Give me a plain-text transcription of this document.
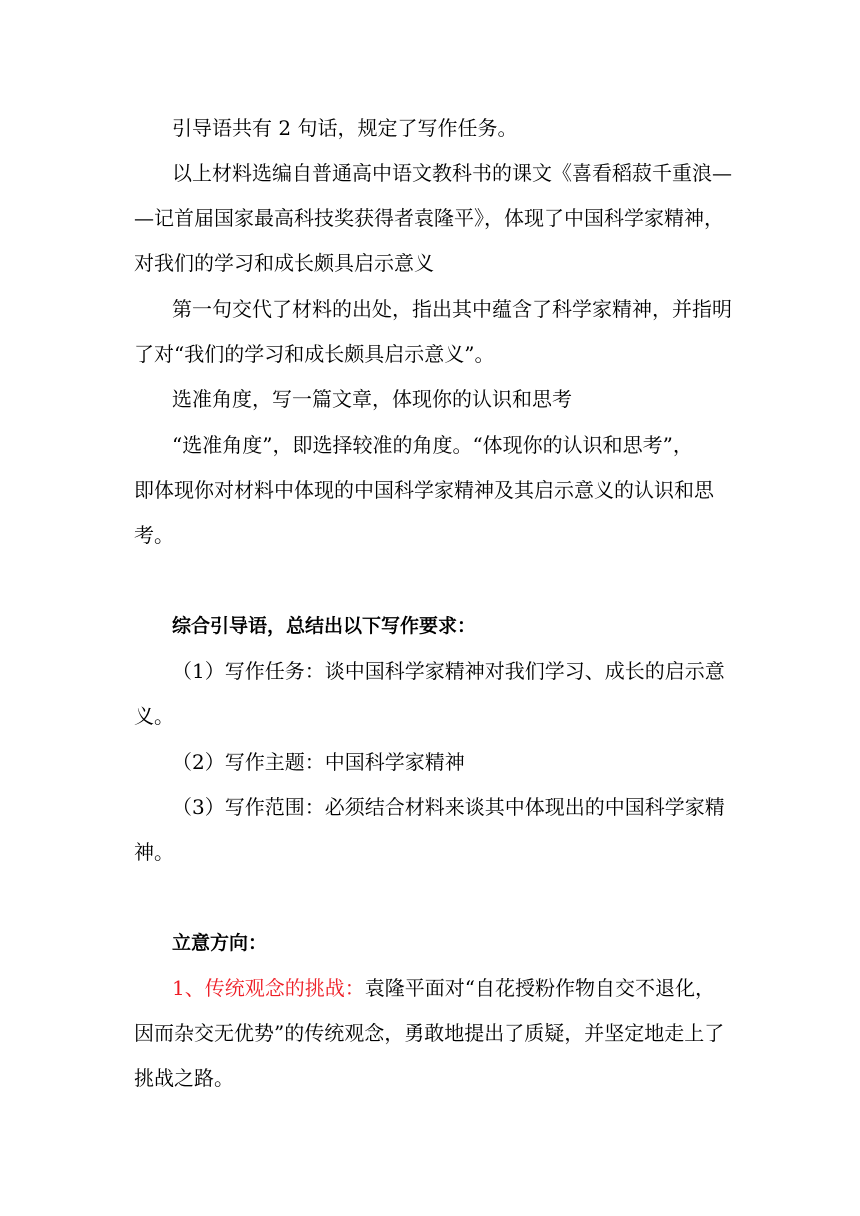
引导语共有 2 句话，规定了写作任务。
以上材料选编自普通高中语文教科书的课文《喜看稻菽千重浪—
—记首届国家最高科技奖获得者袁隆平》，体现了中国科学家精神，
对我们的学习和成长颇具启示意义
第一句交代了材料的出处，指出其中蕴含了科学家精神，并指明
了对“我们的学习和成长颇具启示意义”。
选准角度，写一篇文章，体现你的认识和思考
“选准角度”，即选择较准的角度。“体现你的认识和思考”，
即体现你对材料中体现的中国科学家精神及其启示意义的认识和思
考。
综合引导语，总结出以下写作要求：
（1）写作任务：谈中国科学家精神对我们学习、成长的启示意
义。
（2）写作主题：中国科学家精神
（3）写作范围：必须结合材料来谈其中体现出的中国科学家精
神。
立意方向：
1、传统观念的挑战：袁隆平面对“自花授粉作物自交不退化，
因而杂交无优势”的传统观念，勇敢地提出了质疑，并坚定地走上了
挑战之路。
